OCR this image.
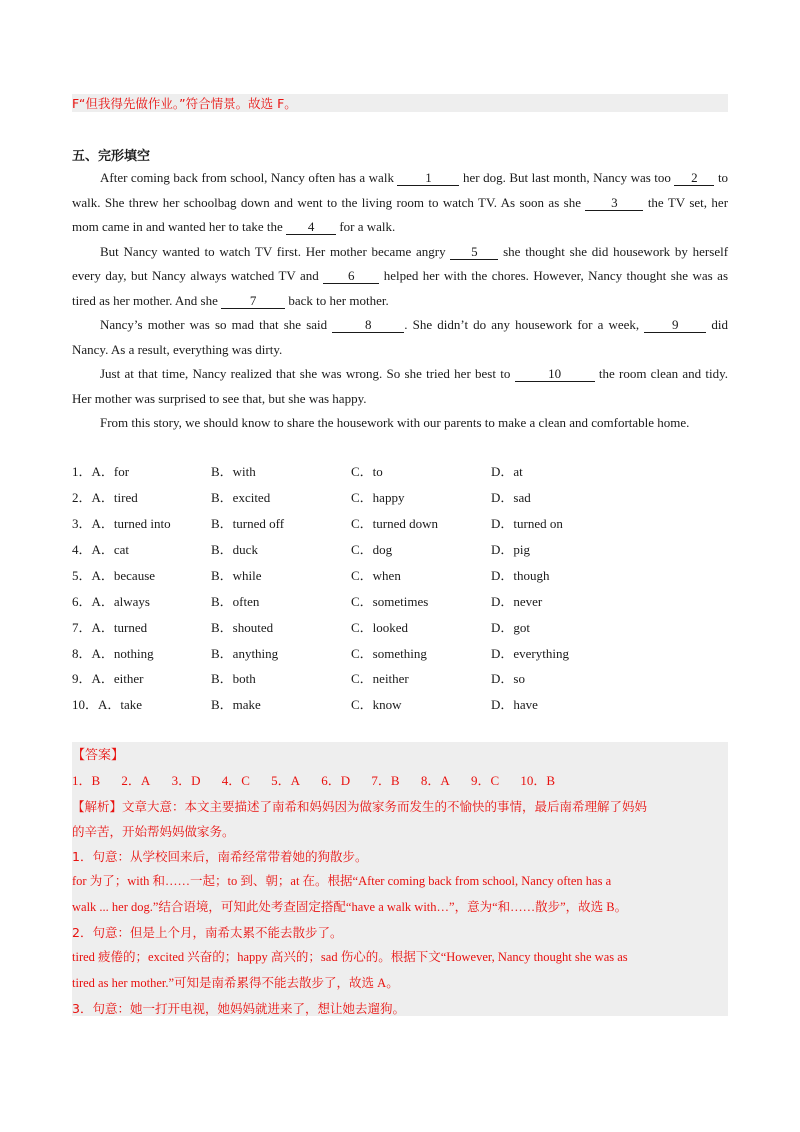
F“但我得先做作业。”符合情景。故选 F。
五、完形填空
After coming back from school, Nancy often has a walk 1 her dog. But last month, Nancy was too 2 to walk. She threw her schoolbag down and went to the living room to watch TV. As soon as she 3 the TV set, her mom came in and wanted her to take the 4 for a walk.
But Nancy wanted to watch TV first. Her mother became angry 5 she thought she did housework by herself every day, but Nancy always watched TV and 6 helped her with the chores. However, Nancy thought she was as tired as her mother. And she 7 back to her mother.
Nancy’s mother was so mad that she said	8	. She didn’t do any housework for a week,	9	did Nancy. As a result, everything was dirty.
Just at that time, Nancy realized that she was wrong. So she tried her best to	10	the room clean and tidy. Her mother was surprised to see that, but she was happy.
From this story, we should know to share the housework with our parents to make a clean and comfortable home.
1．A．for	B．with	C．to	D．at
2．A．tired	B．excited	C．happy	D．sad
3．A．turned into	B．turned off	C．turned down	D．turned on
4．A．cat	B．duck	C．dog	D．pig
5．A．because	B．while	C．when	D．though
6．A．always	B．often	C．sometimes	D．never
7．A．turned	B．shouted	C．looked	D．got
8．A．nothing	B．anything	C．something	D．everything
9．A．either	B．both	C．neither	D．so
10．A．take	B．make	C．know	D．have
【答案】
1．B 2．A 3．D 4．C 5．A 6．D 7．B 8．A 9．C 10．B
【解析】文章大意：本文主要描述了南希和妈妈因为做家务而发生的不愉快的事情，最后南希理解了妈妈
的辛苦，开始帮妈妈做家务。
1．句意：从学校回来后，南希经常带着她的狗散步。
for 为了；with 和……一起；to 到、朝；at 在。根据“After coming back from school, Nancy often has a
walk ... her dog.”结合语境，可知此处考查固定搭配“have a walk with…”，意为“和……散步”，故选 B。
2．句意：但是上个月，南希太累不能去散步了。
tired 疲倦的；excited 兴奋的；happy 高兴的；sad 伤心的。根据下文“However, Nancy thought she was as
tired as her mother.”可知是南希累得不能去散步了，故选 A。
3．句意：她一打开电视，她妈妈就进来了，想让她去遛狗。
